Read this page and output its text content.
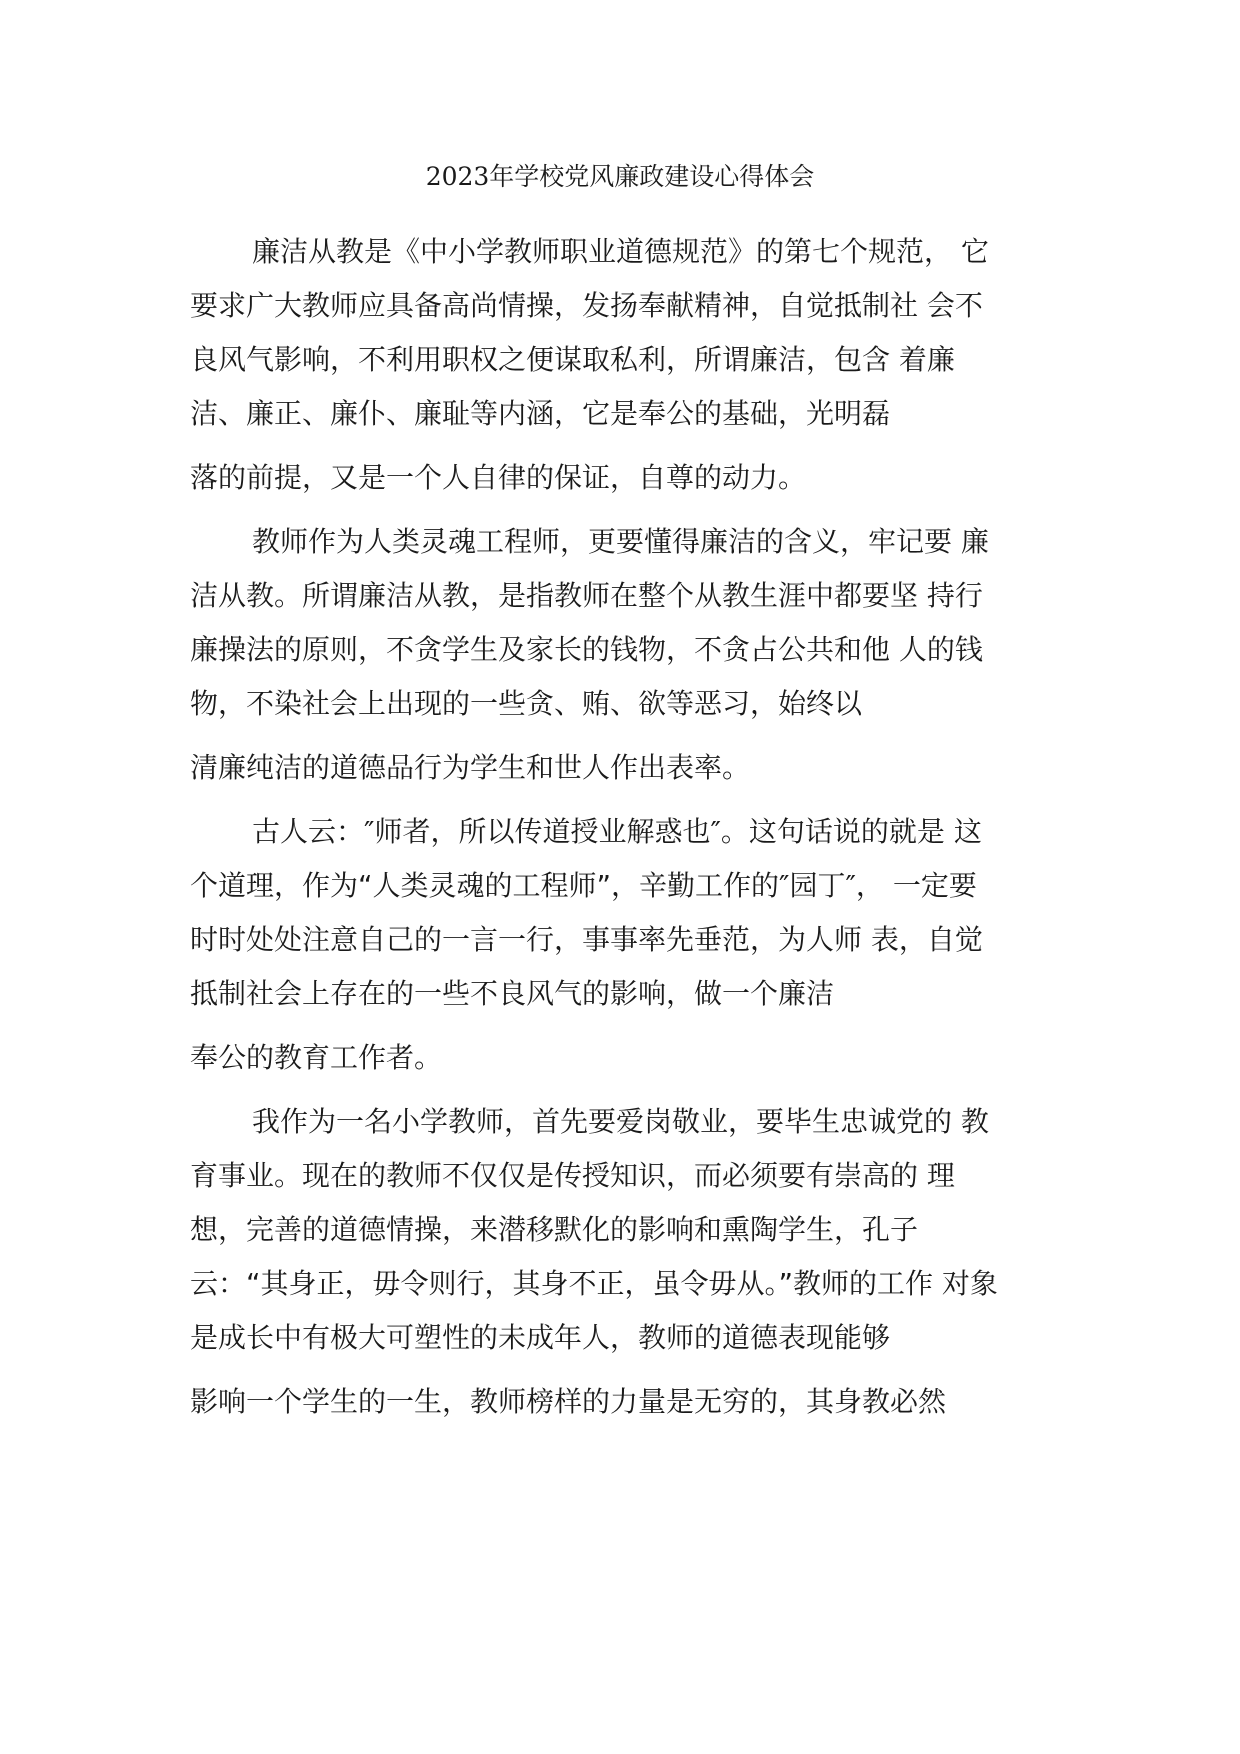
2023年学校党风廉政建设心得体会
廉洁从教是《中小学教师职业道德规范》的第七个规范， 它
要求广大教师应具备高尚情操，发扬奉献精神，自觉抵制社 会不
良风气影响，不利用职权之便谋取私利，所谓廉洁，包含 着廉
洁、廉正、廉仆、廉耻等内涵，它是奉公的基础，光明磊
落的前提，又是一个人自律的保证，自尊的动力。
教师作为人类灵魂工程师，更要懂得廉洁的含义，牢记要 廉
洁从教。所谓廉洁从教，是指教师在整个从教生涯中都要坚 持行
廉操法的原则，不贪学生及家长的钱物，不贪占公共和他 人的钱
物，不染社会上出现的一些贪、贿、欲等恶习，始终以
清廉纯洁的道德品行为学生和世人作出表率。
古人云：″师者，所以传道授业解惑也″。这句话说的就是 这
个道理，作为“人类灵魂的工程师”，辛勤工作的″园丁″， 一定要
时时处处注意自己的一言一行，事事率先垂范，为人师 表，自觉
抵制社会上存在的一些不良风气的影响，做一个廉洁
奉公的教育工作者。
我作为一名小学教师，首先要爱岗敬业，要毕生忠诚党的 教
育事业。现在的教师不仅仅是传授知识，而必须要有崇高的 理
想，完善的道德情操，来潜移默化的影响和熏陶学生，孔子
云：“其身正，毋令则行，其身不正，虽令毋从。”教师的工作 对象
是成长中有极大可塑性的未成年人，教师的道德表现能够
影响一个学生的一生，教师榜样的力量是无穷的，其身教必然
